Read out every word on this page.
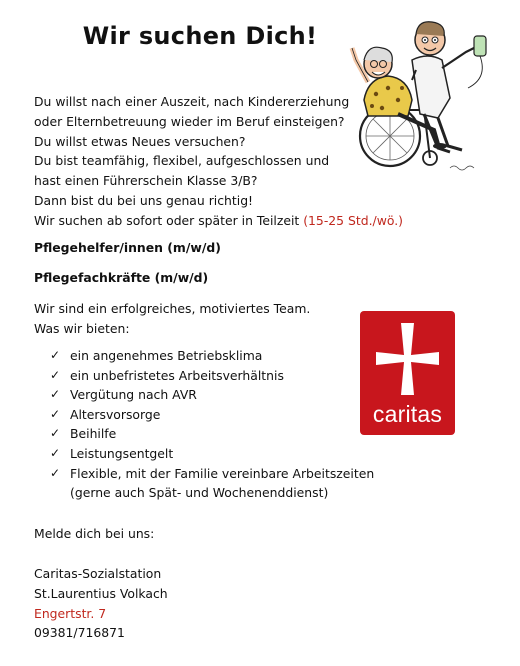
Wir suchen Dich!
Du willst nach einer Auszeit, nach Kindererziehung
oder Elternbetreuung wieder im Beruf einsteigen?
Du willst etwas Neues versuchen?
Du bist teamfähig, flexibel, aufgeschlossen und
hast einen Führerschein Klasse 3/B?
Dann bist du bei uns genau richtig!
Wir suchen ab sofort oder später in Teilzeit (15-25 Std./wö.)
Pflegehelfer/innen (m/w/d)
Pflegefachkräfte (m/w/d)
Wir sind ein erfolgreiches, motiviertes Team.
Was wir bieten:
✓ ein angenehmes Betriebsklima
✓ ein unbefristetes Arbeitsverhältnis
✓ Vergütung nach AVR
✓ Altersvorsorge
✓ Beihilfe
✓ Leistungsentgelt
✓ Flexible, mit der Familie vereinbare Arbeitszeiten
(gerne auch Spät- und Wochenenddienst)
Melde dich bei uns:
Caritas-Sozialstation
St.Laurentius Volkach
Engertstr. 7
09381/716871
caritas
